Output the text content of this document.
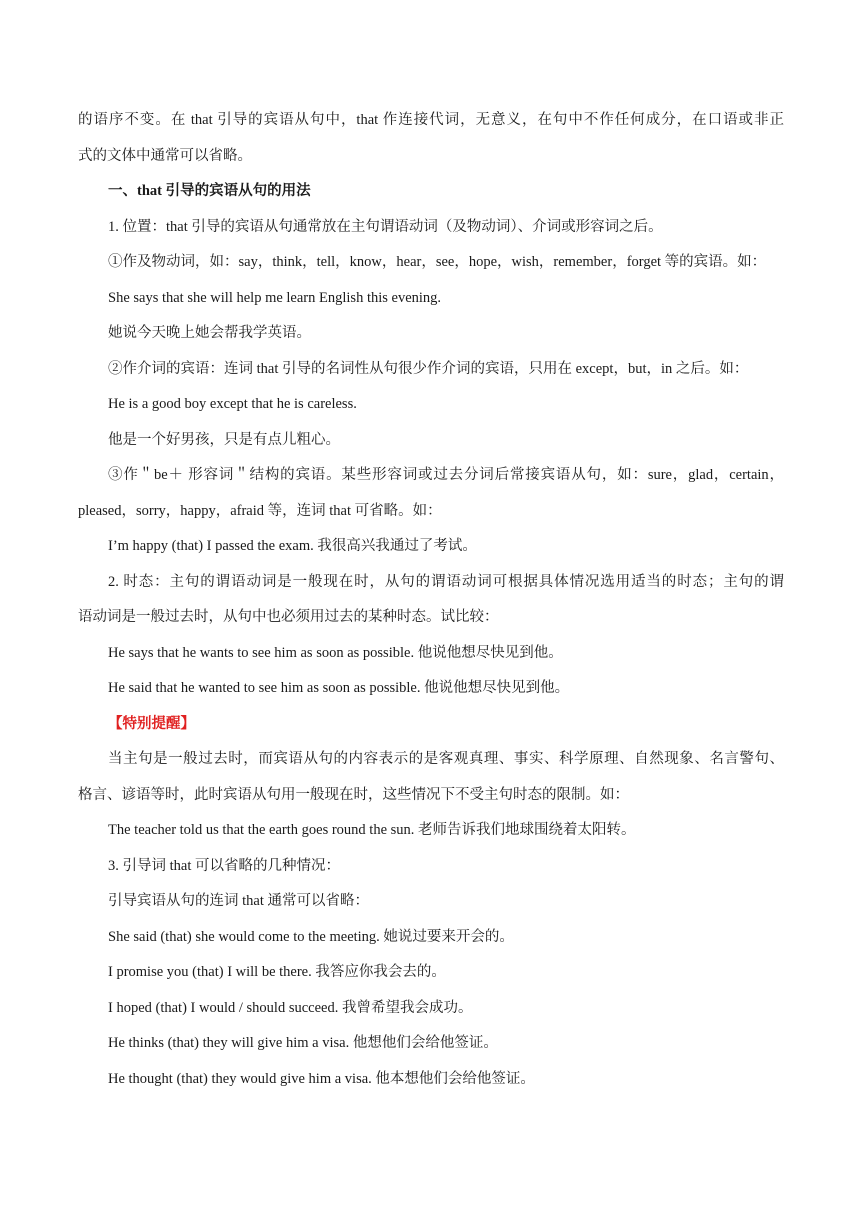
的语序不变。在 that 引导的宾语从句中，that 作连接代词，无意义，在句中不作任何成分，在口语或非正
式的文体中通常可以省略。
一、that 引导的宾语从句的用法
1. 位置：that 引导的宾语从句通常放在主句谓语动词（及物动词）、介词或形容词之后。
①作及物动词，如：say，think，tell，know，hear，see，hope，wish，remember，forget 等的宾语。如：
She says that she will help me learn English this evening.
她说今天晚上她会帮我学英语。
②作介词的宾语：连词 that 引导的名词性从句很少作介词的宾语，只用在 except，but，in 之后。如：
He is a good boy except that he is careless.
他是一个好男孩，只是有点儿粗心。
③作＂be＋ 形容词＂结构的宾语。某些形容词或过去分词后常接宾语从句，如：sure，glad，certain，
pleased，sorry，happy，afraid 等，连词 that 可省略。如：
I’m happy (that) I passed the exam. 我很高兴我通过了考试。
2. 时态：主句的谓语动词是一般现在时，从句的谓语动词可根据具体情况选用适当的时态；主句的谓
语动词是一般过去时，从句中也必须用过去的某种时态。试比较：
He says that he wants to see him as soon as possible. 他说他想尽快见到他。
He said that he wanted to see him as soon as possible. 他说他想尽快见到他。
【特别提醒】
当主句是一般过去时，而宾语从句的内容表示的是客观真理、事实、科学原理、自然现象、名言警句、
格言、谚语等时，此时宾语从句用一般现在时，这些情况下不受主句时态的限制。如：
The teacher told us that the earth goes round the sun. 老师告诉我们地球围绕着太阳转。
3. 引导词 that 可以省略的几种情况：
引导宾语从句的连词 that 通常可以省略：
She said (that) she would come to the meeting. 她说过要来开会的。
I promise you (that) I will be there. 我答应你我会去的。
I hoped (that) I would / should succeed. 我曾希望我会成功。
He thinks (that) they will give him a visa. 他想他们会给他签证。
He thought (that) they would give him a visa. 他本想他们会给他签证。
